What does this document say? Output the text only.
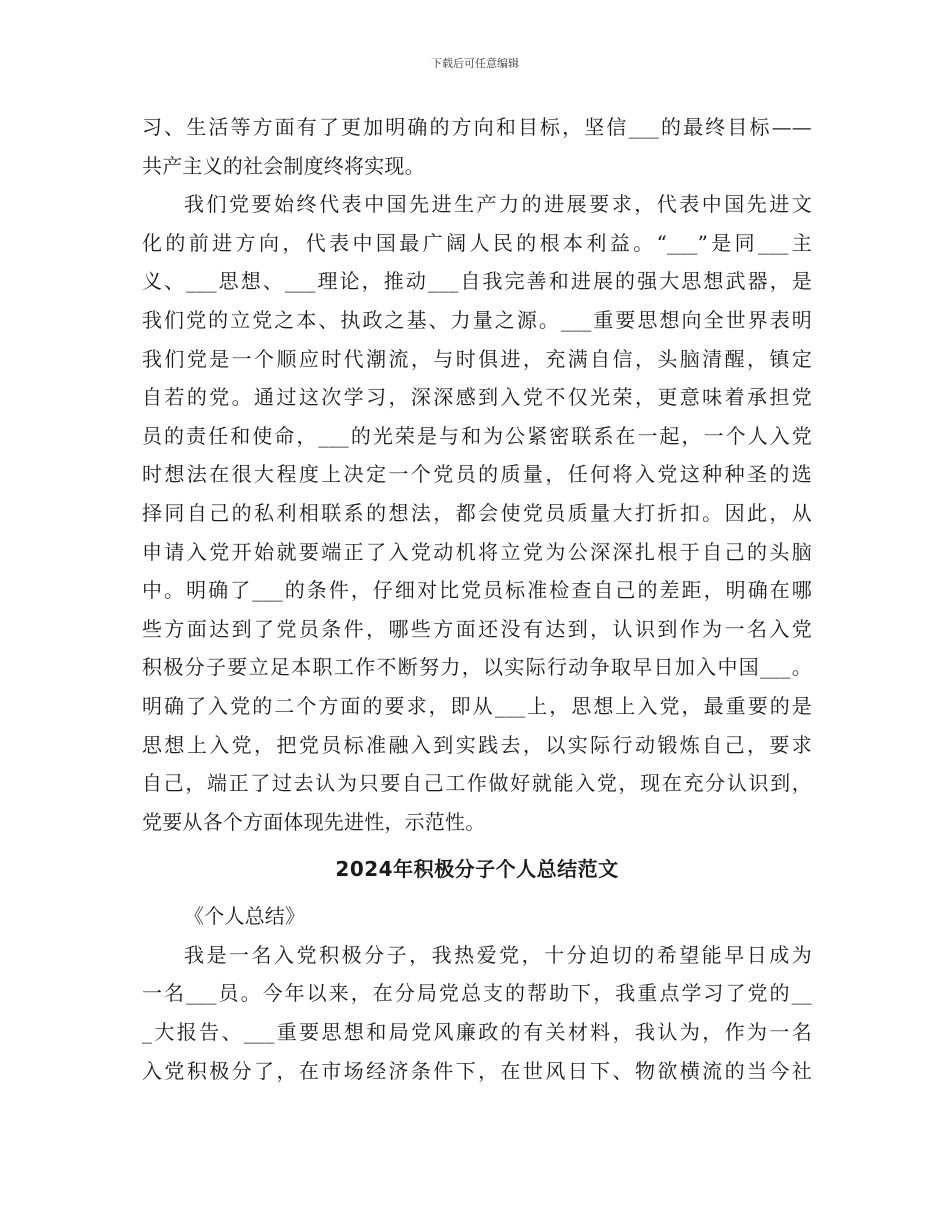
下载后可任意编辑
习、生活等方面有了更加明确的方向和目标，坚信___的最终目标——
共产主义的社会制度终将实现。
我们党要始终代表中国先进生产力的进展要求，代表中国先进文
化的前进方向，代表中国最广阔人民的根本利益。“___”是同___主
义、___思想、___理论，推动___自我完善和进展的强大思想武器，是
我们党的立党之本、执政之基、力量之源。___重要思想向全世界表明
我们党是一个顺应时代潮流，与时俱进，充满自信，头脑清醒，镇定
自若的党。通过这次学习，深深感到入党不仅光荣，更意味着承担党
员的责任和使命，___的光荣是与和为公紧密联系在一起，一个人入党
时想法在很大程度上决定一个党员的质量，任何将入党这种种圣的选
择同自己的私利相联系的想法，都会使党员质量大打折扣。因此，从
申请入党开始就要端正了入党动机将立党为公深深扎根于自己的头脑
中。明确了___的条件，仔细对比党员标准检查自己的差距，明确在哪
些方面达到了党员条件，哪些方面还没有达到，认识到作为一名入党
积极分子要立足本职工作不断努力，以实际行动争取早日加入中国___。
明确了入党的二个方面的要求，即从___上，思想上入党，最重要的是
思想上入党，把党员标准融入到实践去，以实际行动锻炼自己，要求
自己，端正了过去认为只要自己工作做好就能入党，现在充分认识到，
党要从各个方面体现先进性，示范性。
2024年积极分子个人总结范文
《个人总结》
我是一名入党积极分子，我热爱党，十分迫切的希望能早日成为
一名___员。今年以来，在分局党总支的帮助下，我重点学习了党的__
_大报告、___重要思想和局党风廉政的有关材料，我认为，作为一名
入党积极分了，在市场经济条件下，在世风日下、物欲横流的当今社
